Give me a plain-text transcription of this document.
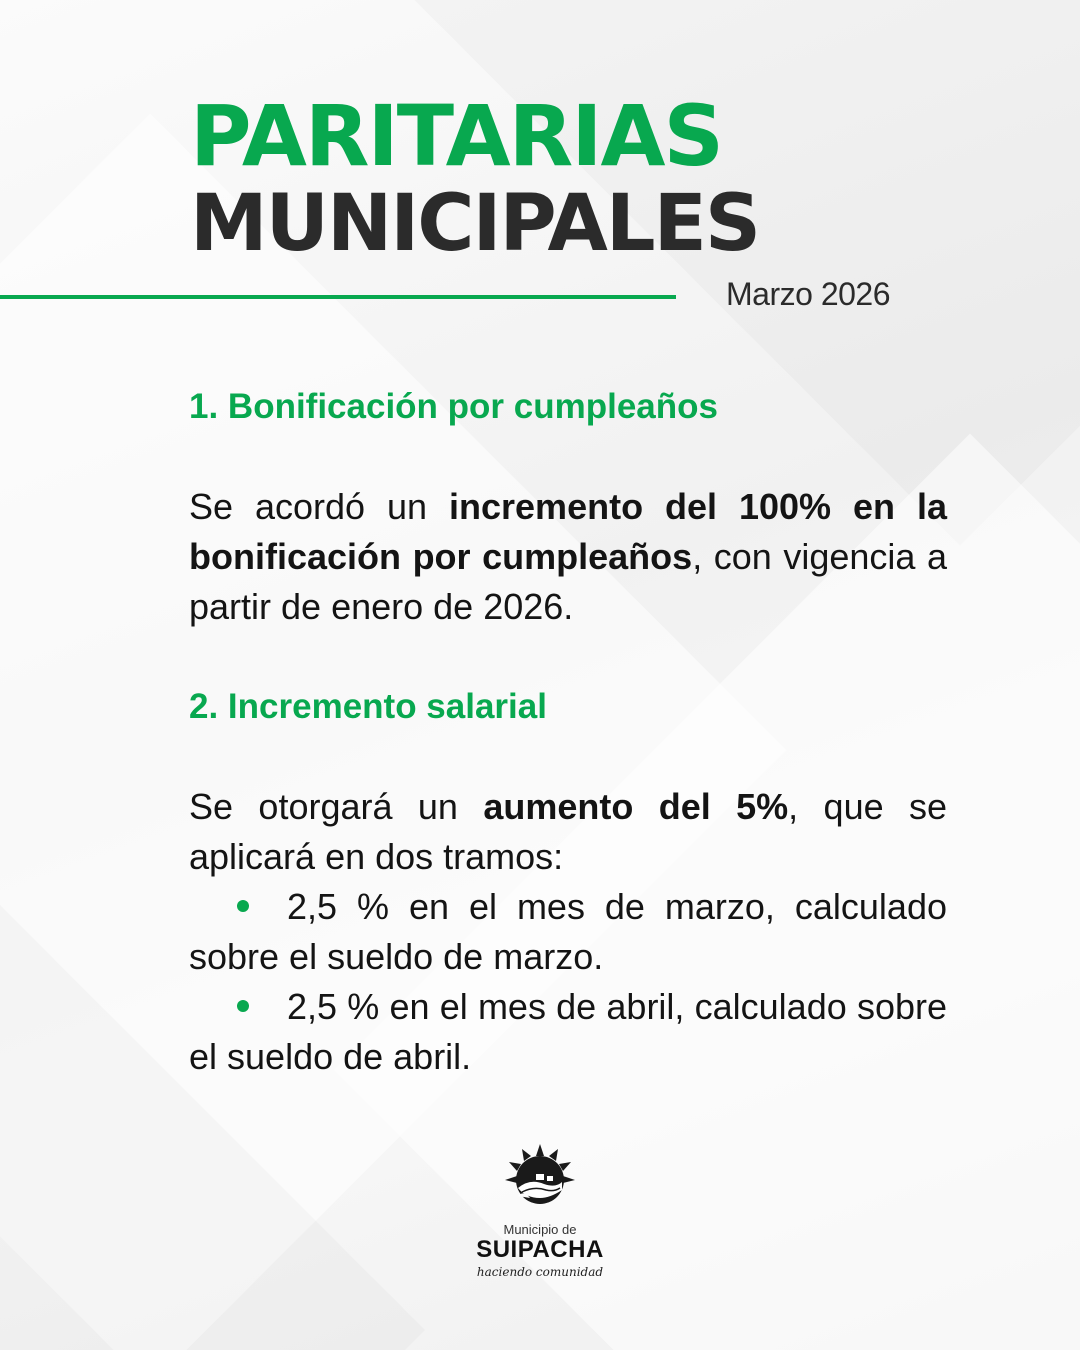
PARITARIAS
MUNICIPALES
Marzo 2026
1. Bonificación por cumpleaños

Se acordó un incremento del 100% en la bonificación por cumpleaños, con vigencia a partir de enero de 2026.

2. Incremento salarial

Se otorgará un aumento del 5%, que se aplicará en dos tramos:

2,5 % en el mes de marzo, calculado sobre el sueldo de marzo.

2,5 % en el mes de abril, calculado sobre el sueldo de abril.

Municipio de
SUIPACHA
haciendo comunidad
